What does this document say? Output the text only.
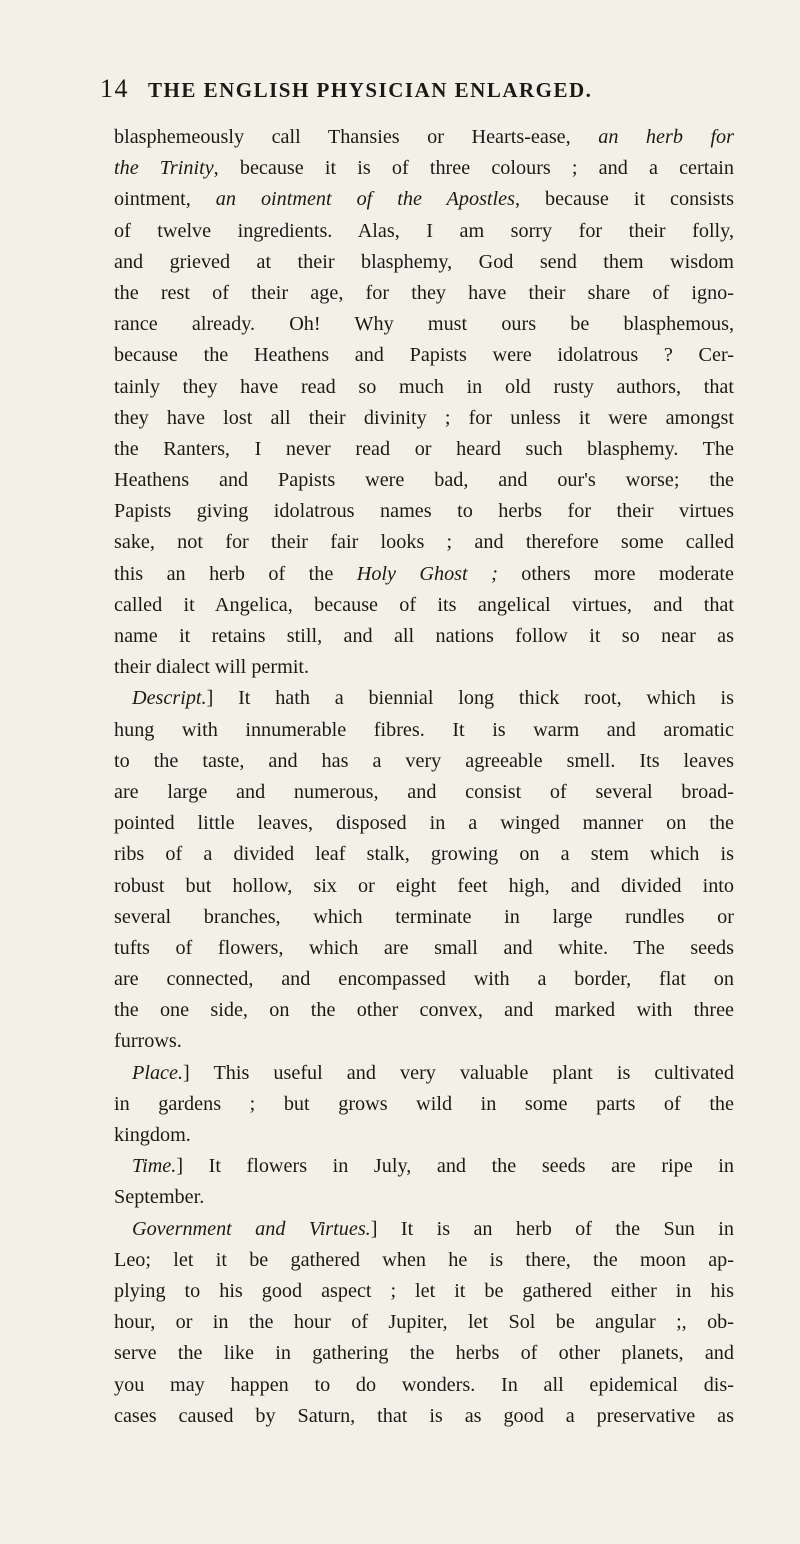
14 THE ENGLISH PHYSICIAN ENLARGED.
blasphemeously call Thansies or Hearts-ease, an herb for
the Trinity, because it is of three colours ; and a certain
ointment, an ointment of the Apostles, because it consists
of twelve ingredients. Alas, I am sorry for their folly,
and grieved at their blasphemy, God send them wisdom
the rest of their age, for they have their share of igno-
rance already. Oh! Why must ours be blasphemous,
because the Heathens and Papists were idolatrous ? Cer-
tainly they have read so much in old rusty authors, that
they have lost all their divinity ; for unless it were amongst
the Ranters, I never read or heard such blasphemy. The
Heathens and Papists were bad, and our's worse; the
Papists giving idolatrous names to herbs for their virtues
sake, not for their fair looks ; and therefore some called
this an herb of the Holy Ghost ; others more moderate
called it Angelica, because of its angelical virtues, and that
name it retains still, and all nations follow it so near as
their dialect will permit.
Descript.] It hath a biennial long thick root, which is
hung with innumerable fibres. It is warm and aromatic
to the taste, and has a very agreeable smell. Its leaves
are large and numerous, and consist of several broad-
pointed little leaves, disposed in a winged manner on the
ribs of a divided leaf stalk, growing on a stem which is
robust but hollow, six or eight feet high, and divided into
several branches, which terminate in large rundles or
tufts of flowers, which are small and white. The seeds
are connected, and encompassed with a border, flat on
the one side, on the other convex, and marked with three
furrows.
Place.] This useful and very valuable plant is cultivated
in gardens ; but grows wild in some parts of the
kingdom.
Time.] It flowers in July, and the seeds are ripe in
September.
Government and Virtues.] It is an herb of the Sun in
Leo; let it be gathered when he is there, the moon ap-
plying to his good aspect ; let it be gathered either in his
hour, or in the hour of Jupiter, let Sol be angular ;, ob-
serve the like in gathering the herbs of other planets, and
you may happen to do wonders. In all epidemical dis-
cases caused by Saturn, that is as good a preservative as
